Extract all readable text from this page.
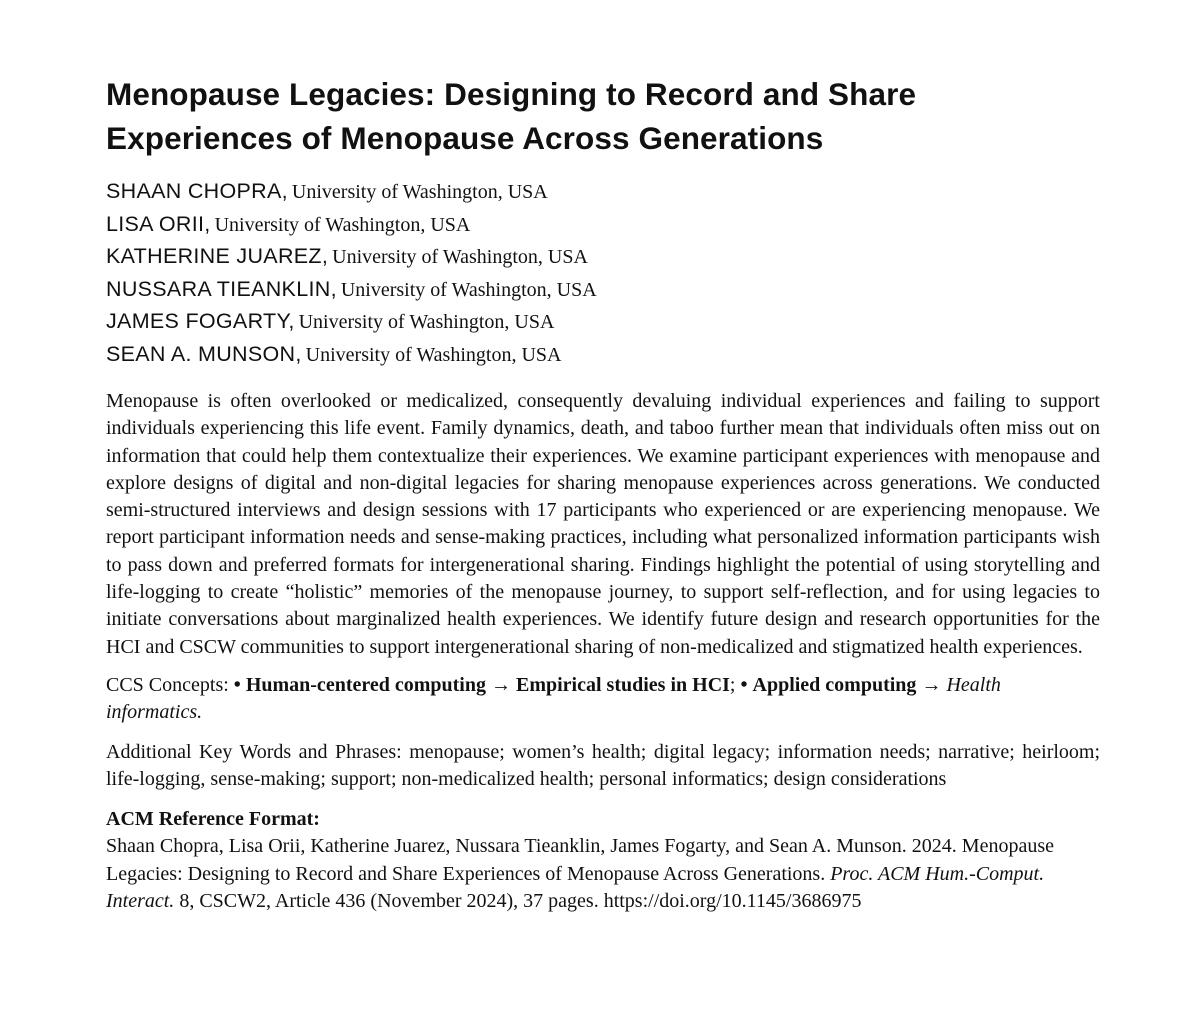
Menopause Legacies: Designing to Record and Share
Experiences of Menopause Across Generations
SHAAN CHOPRA, University of Washington, USA
LISA ORII, University of Washington, USA
KATHERINE JUAREZ, University of Washington, USA
NUSSARA TIEANKLIN, University of Washington, USA
JAMES FOGARTY, University of Washington, USA
SEAN A. MUNSON, University of Washington, USA

Menopause is often overlooked or medicalized, consequently devaluing individual experiences and failing to support individuals experiencing this life event. Family dynamics, death, and taboo further mean that individuals often miss out on information that could help them contextualize their experiences. We examine participant experiences with menopause and explore designs of digital and non-digital legacies for sharing menopause experiences across generations. We conducted semi-structured interviews and design sessions with 17 participants who experienced or are experiencing menopause. We report participant information needs and sense-making practices, including what personalized information participants wish to pass down and preferred formats for intergenerational sharing. Findings highlight the potential of using storytelling and life-logging to create “holistic” memories of the menopause journey, to support self-reflection, and for using legacies to initiate conversations about marginalized health experiences. We identify future design and research opportunities for the HCI and CSCW communities to support intergenerational sharing of non-medicalized and stigmatized health experiences.

CCS Concepts: • Human-centered computing → Empirical studies in HCI; • Applied computing → Health informatics.

Additional Key Words and Phrases: menopause; women’s health; digital legacy; information needs; narrative; heirloom; life-logging, sense-making; support; non-medicalized health; personal informatics; design considerations

ACM Reference Format:

Shaan Chopra, Lisa Orii, Katherine Juarez, Nussara Tieanklin, James Fogarty, and Sean A. Munson. 2024. Menopause Legacies: Designing to Record and Share Experiences of Menopause Across Generations. Proc. ACM Hum.-Comput. Interact. 8, CSCW2, Article 436 (November 2024), 37 pages. https://doi.org/10.1145/3686975
